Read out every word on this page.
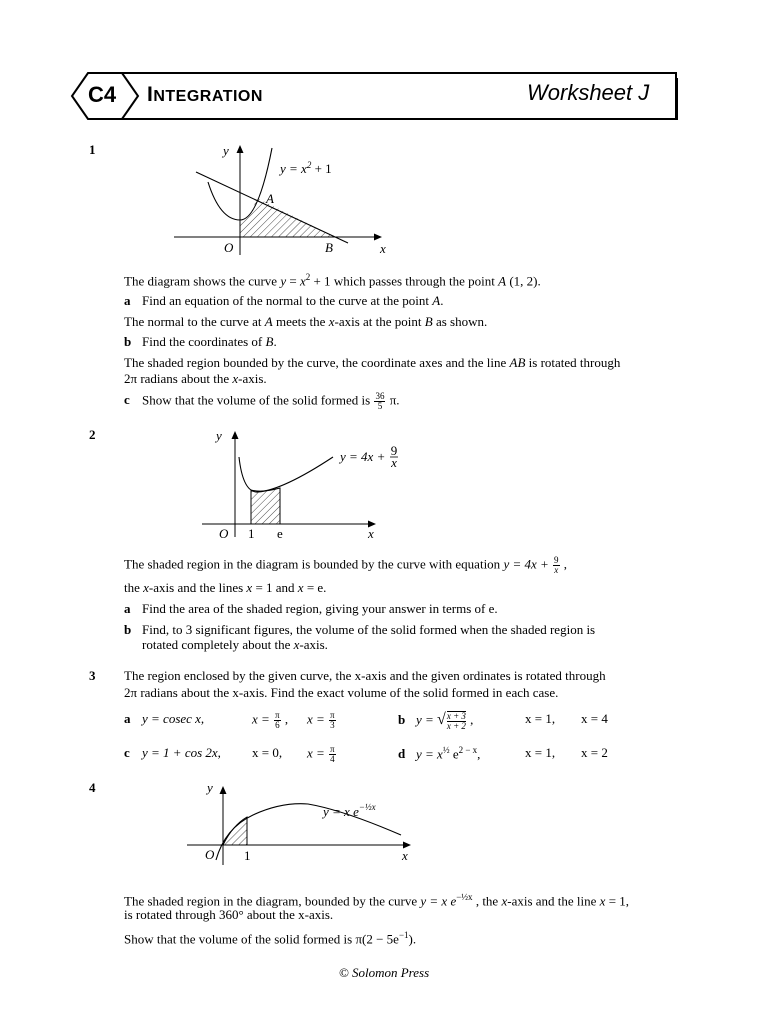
C4	INTEGRATION	Worksheet J
1	y
x
O
A
B
$y = x^2 + 1$
The diagram shows the curve $y = x^2 + 1$ which passes through the point A (1, 2).
a Find an equation of the normal to the curve at the point A.
The normal to the curve at A meets the x-axis at the point B as shown.
b Find the coordinates of B.
The shaded region bounded by the curve, the coordinate axes and the line AB is rotated through
2π radians about the x-axis.
c Show that the volume of the solid formed is $\frac{36}{5} \pi$.
2	y
x
O 1 e
y = 4x + 9
x
The shaded region in the diagram is bounded by the curve with equation $y = 4x + \frac{9}{x}$ ,
the x-axis and the lines x = 1 and x = e.
a Find the area of the shaded region, giving your answer in terms of e.
b Find, to 3 significant figures, the volume of the solid formed when the shaded region is
rotated completely about the x-axis.
3 The region enclosed by the given curve, the x-axis and the given ordinates is rotated through
2π radians about the x-axis. Find the exact volume of the solid formed in each case.
a y = cosec x,	$x = \frac{\pi}{6}$ , $x = \frac{\pi}{3}$	b y = √ $\frac{x + 3}{x + 2}$ ,	x = 1, x = 4
c y = 1 + cos 2x, x = 0, $x = \frac{\pi}{4}$	d $y = x^{\frac{1}{2}}$ $e^{2 - x}$,	x = 1, x = 2
4	y
x
O 1
y = x $e^{-\frac{1}{2}x}$
The shaded region in the diagram, bounded by the curve y = x $e^{-\frac{1}{2}x}$ , the x-axis and the line x = 1,
is rotated through 360° about the x-axis.
Show that the volume of the solid formed is $\pi(2 - 5e^{-1})$.
© Solomon Press
